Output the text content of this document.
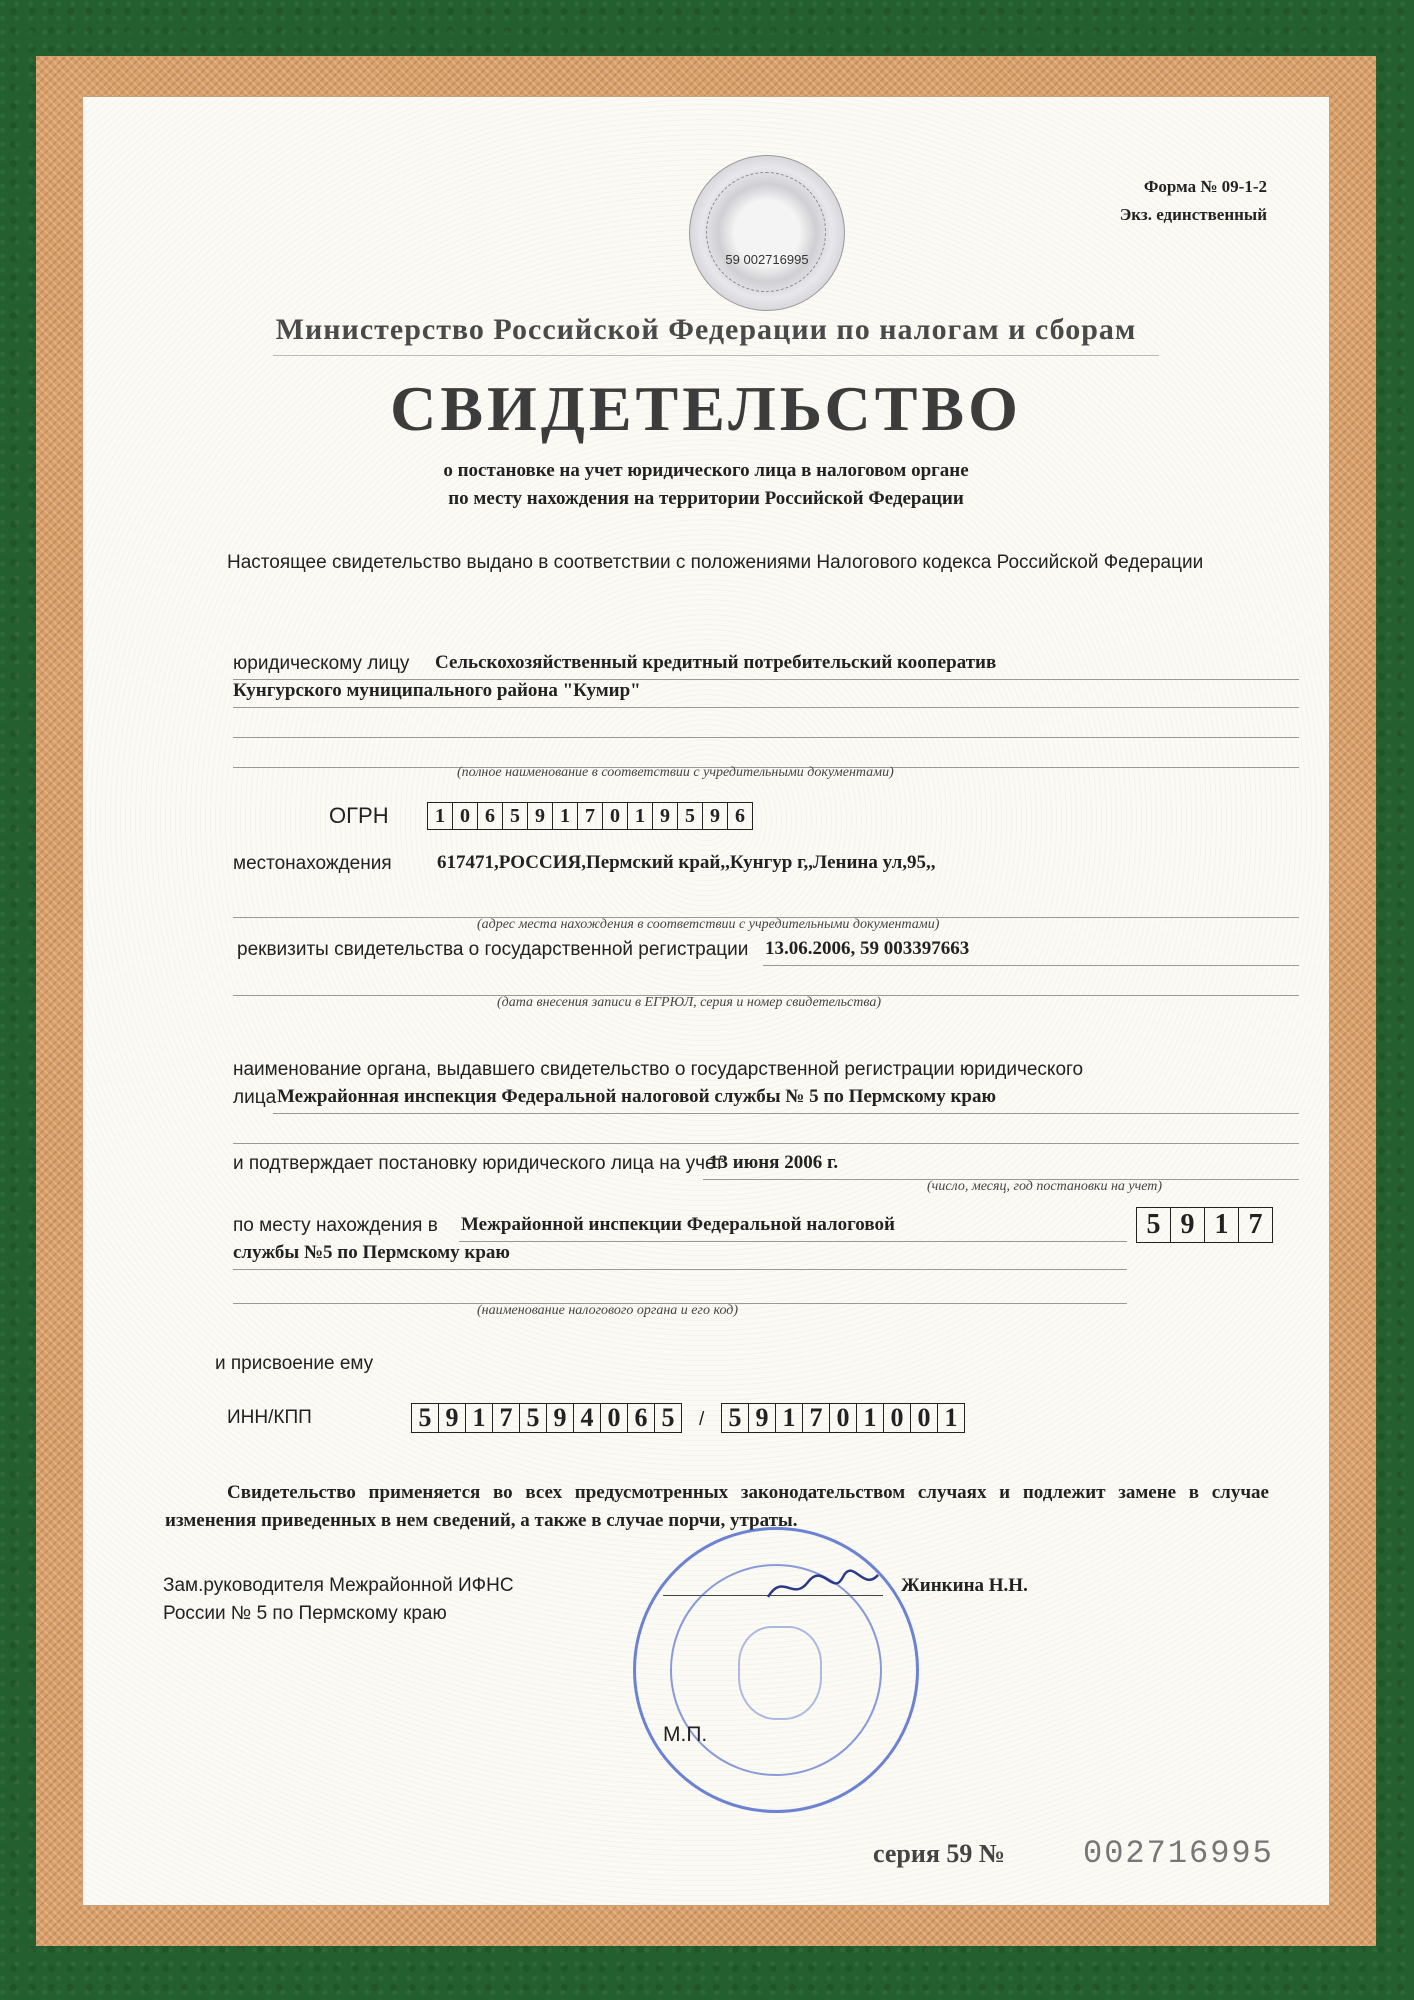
59 002716995
Форма № 09-1-2
Экз. единственный
Министерство Российской Федерации по налогам и сборам
СВИДЕТЕЛЬСТВО
о постановке на учет юридического лица в налоговом органе
по месту нахождения на территории Российской Федерации
Настоящее свидетельство выдано в соответствии с положениями Налогового кодекса Российской Федерации
юридическому лицу Сельскохозяйственный кредитный потребительский кооператив
Кунгурского муниципального района "Кумир"
(полное наименование в соответствии с учредительными документами)
ОГРН	1 0 6 5 9 1 7 0 1 9 5 9 6
местонахождения 617471,РОССИЯ,Пермский край,,Кунгур г,,Ленина ул,95,,
(адрес места нахождения в соответствии с учредительными документами)
реквизиты свидетельства о государственной регистрации 13.06.2006, 59 003397663
(дата внесения записи в ЕГРЮЛ, серия и номер свидетельства)
наименование органа, выдавшего свидетельство о государственной регистрации юридического
лица Межрайонная инспекция Федеральной налоговой службы № 5 по Пермскому краю
и подтверждает постановку юридического лица на учет
13 июня 2006 г.
(число, месяц, год постановки на учет)
по месту нахождения в Межрайонной инспекции Федеральной налоговой
службы №5 по Пермскому краю
5 9 1 7
(наименование налогового органа и его код)
и присвоение ему
ИНН/КПП	5 9 1 7 5 9 4 0 6 5	/ 5 9 1 7 0 1 0 0 1
Свидетельство применяется во всех предусмотренных законодательством случаях и подлежит замене в случае изменения приведенных в нем сведений, а также в случае порчи, утраты.
Зам.руководителя Межрайонной ИФНС
России № 5 по Пермскому краю
Жинкина Н.Н.
М.П.
серия 59 № 002716995
